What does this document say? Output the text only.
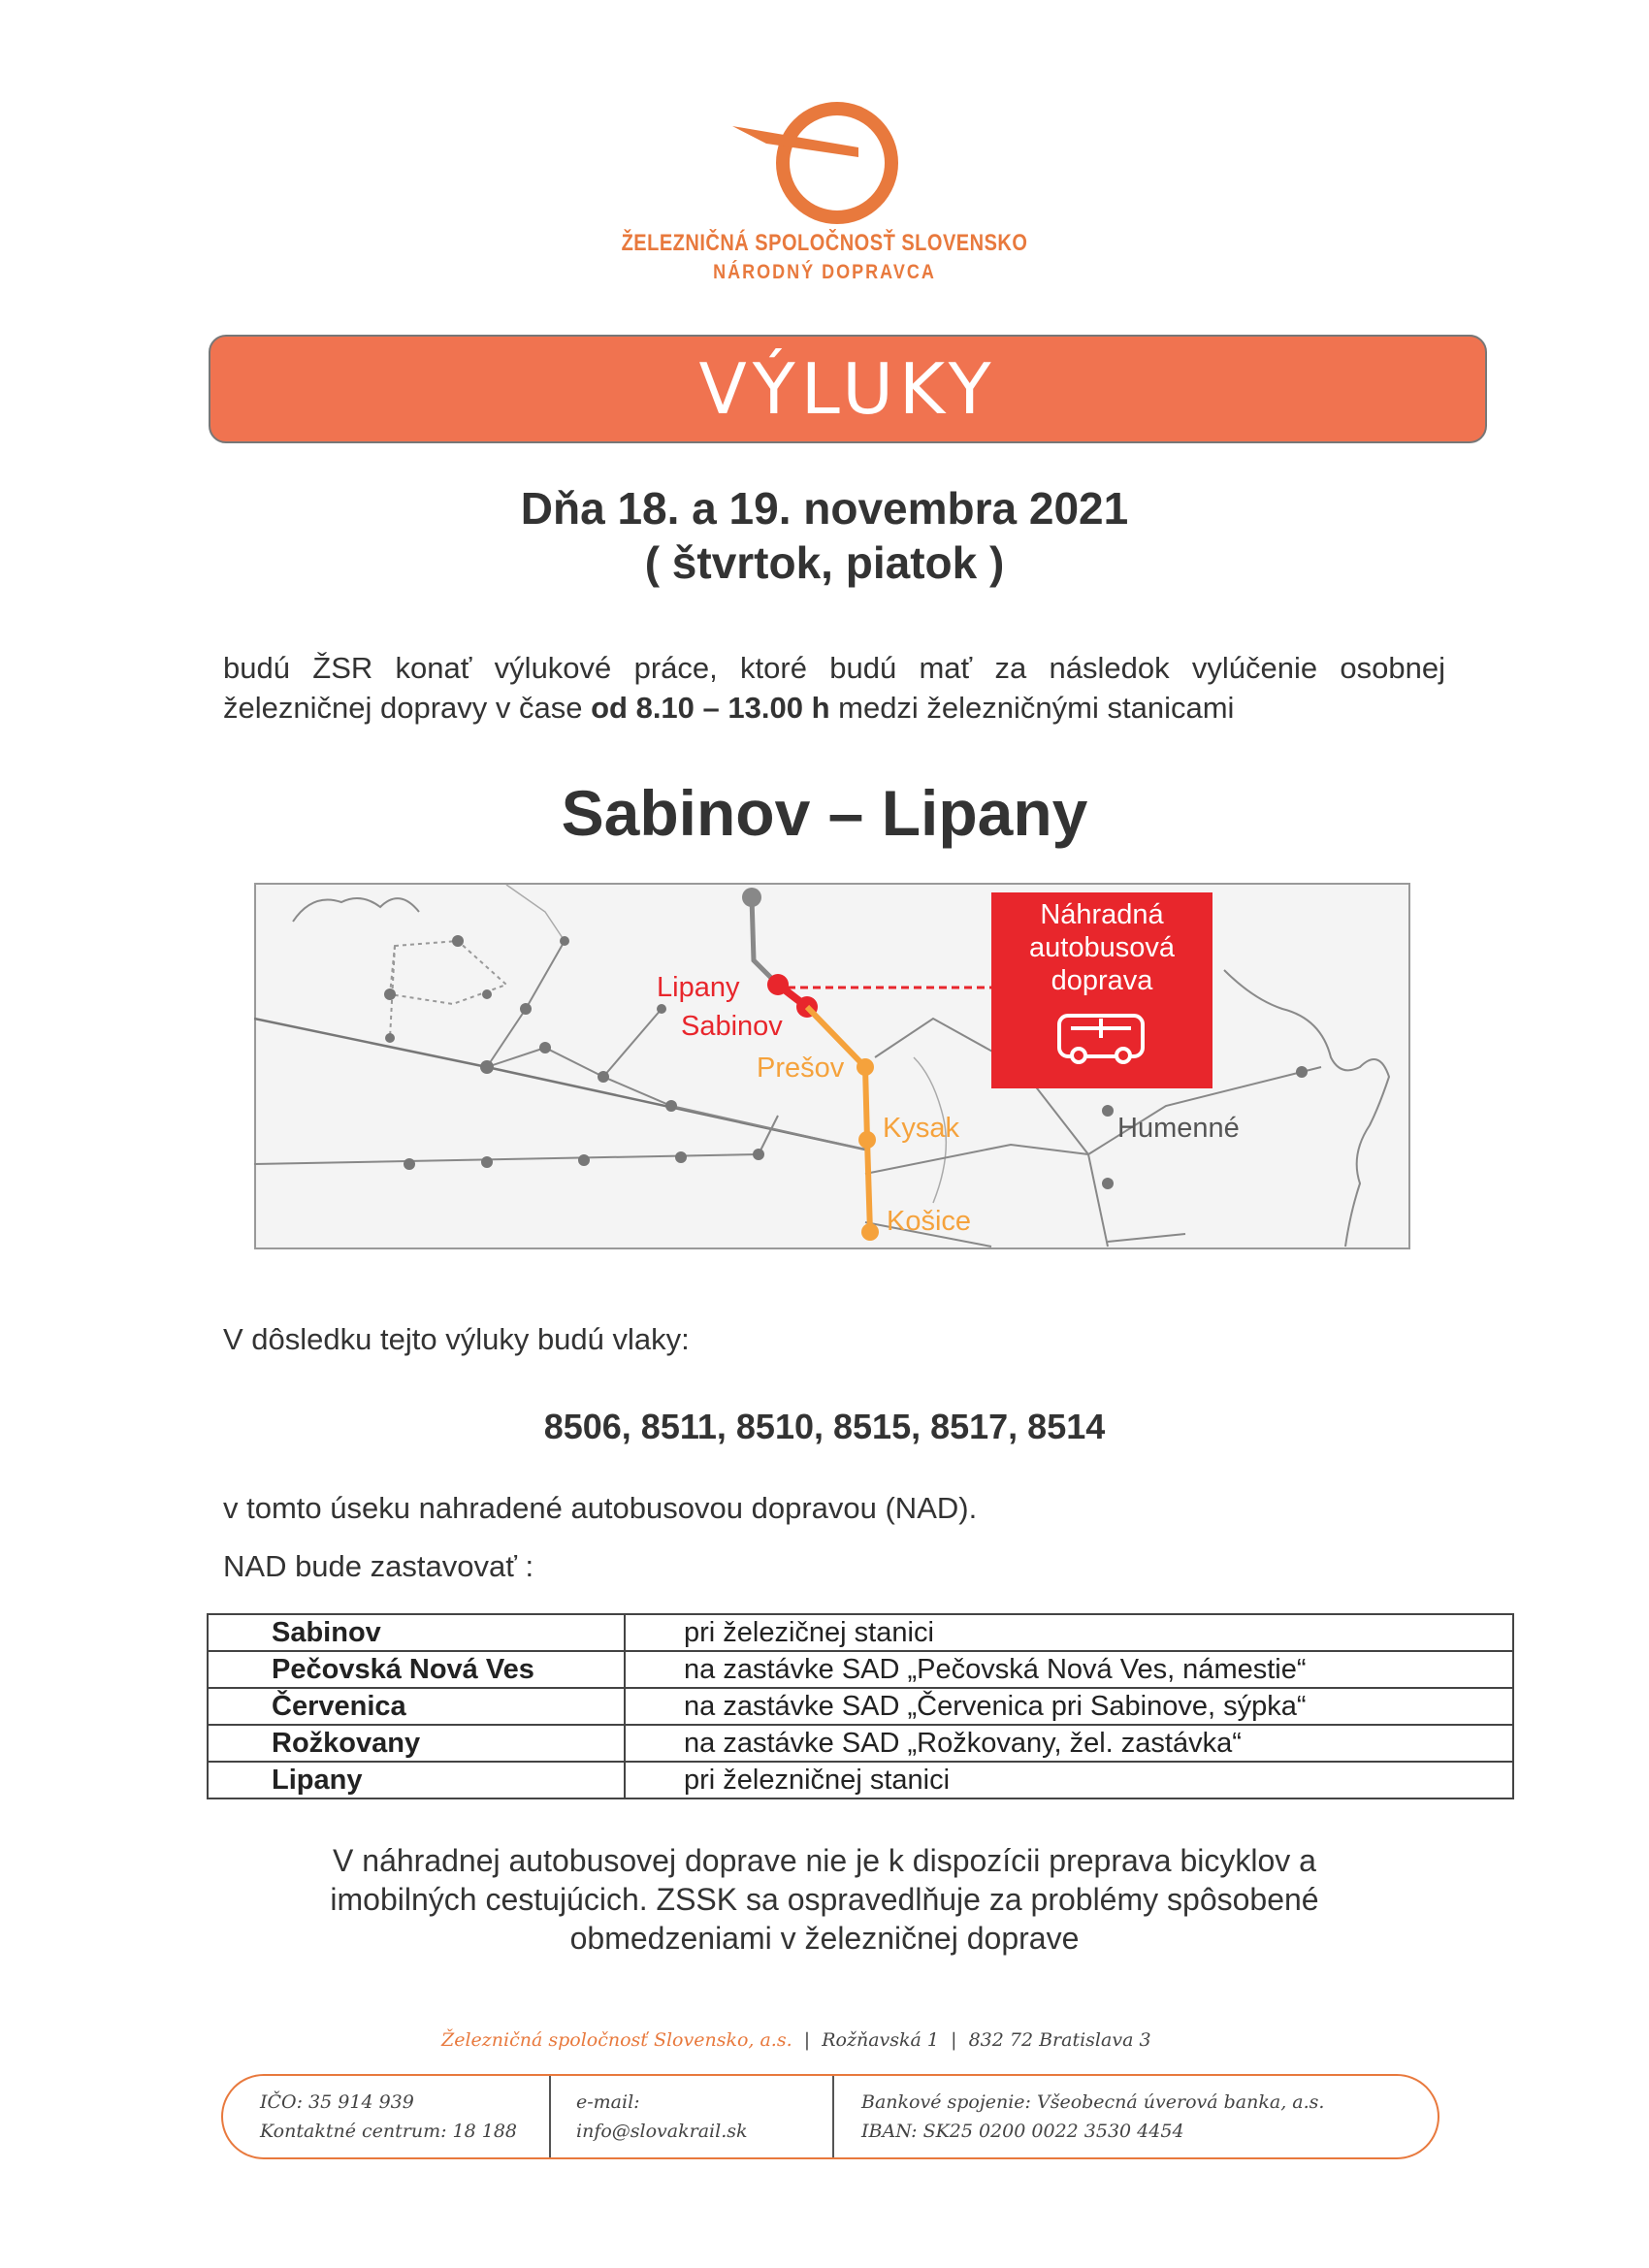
ŽELEZNIČNÁ SPOLOČNOSŤ SLOVENSKO
NÁRODNÝ DOPRAVCA
VÝLUKY
Dňa 18. a 19. novembra 2021
( štvrtok, piatok )
budú ŽSR konať výlukové práce, ktoré budú mať za následok vylúčenie osobnej železničnej dopravy v čase od 8.10 – 13.00 h medzi železničnými stanicami
Sabinov – Lipany
Lipany
Sabinov
Prešov
Kysak
Košice
Humenné
Náhradná
autobusová
doprava
V dôsledku tejto výluky budú vlaky:
8506, 8511, 8510, 8515, 8517, 8514
v tomto úseku nahradené autobusovou dopravou (NAD).
NAD bude zastavovať :
Sabinov	pri železičnej stanici
Pečovská Nová Ves	na zastávke SAD „Pečovská Nová Ves, námestie“
Červenica	na zastávke SAD „Červenica pri Sabinove, sýpka“
Rožkovany	na zastávke SAD „Rožkovany, žel. zastávka“
Lipany	pri železničnej stanici
V náhradnej autobusovej doprave nie je k dispozícii preprava bicyklov a
imobilných cestujúcich. ZSSK sa ospravedlňuje za problémy spôsobené
obmedzeniami v železničnej doprave
Železničná spoločnosť Slovensko, a.s.  |  Rožňavská 1  |  832 72 Bratislava 3
IČO: 35 914 939
Kontaktné centrum: 18 188
e-mail:
info@slovakrail.sk
Bankové spojenie: Všeobecná úverová banka, a.s.
IBAN: SK25 0200 0022 3530 4454
